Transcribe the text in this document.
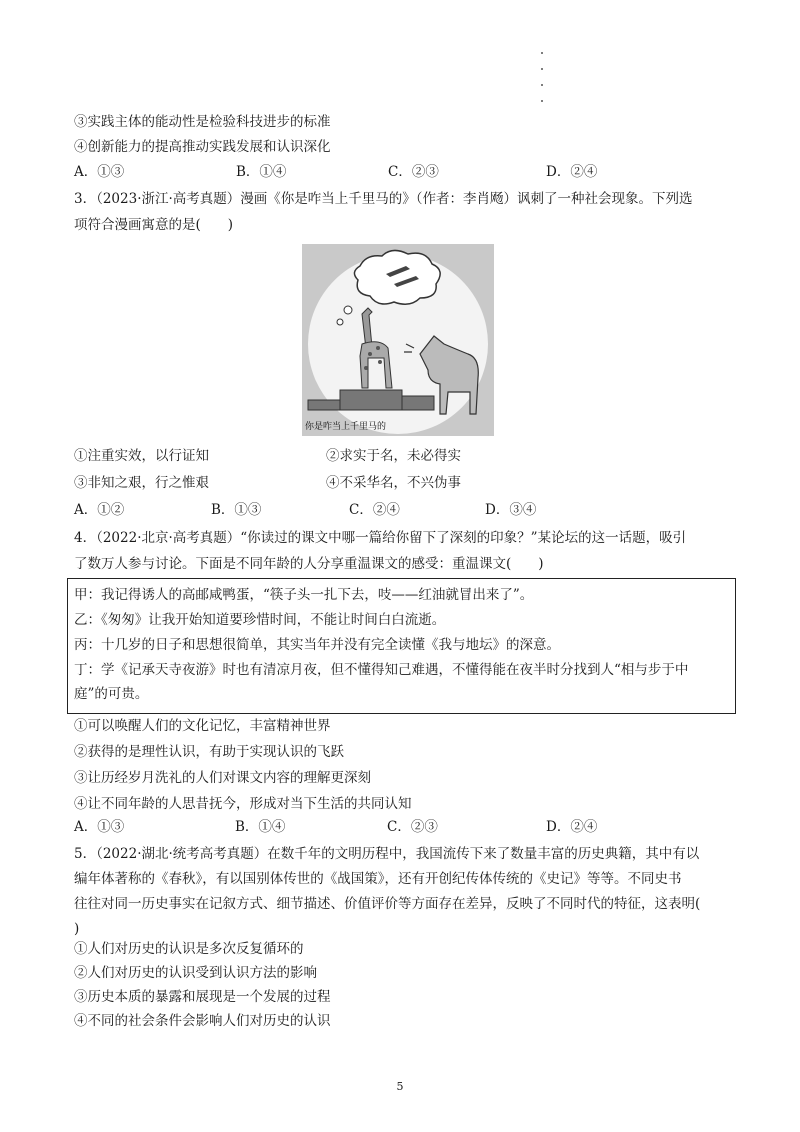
③实践主体的能动性是检验科技进步的标准
④创新能力的提高推动实践发展和认识深化
A．①③	B．①④	C．②③	D．②④
3．（2023·浙江·高考真题）漫画《你是咋当上千里马的》（作者：李肖飏）讽刺了一种社会现象。下列选
项符合漫画寓意的是(　　)
你是咋当上千里马的
①注重实效，以行证知	②求实于名，未必得实
③非知之艰，行之惟艰	④不采华名，不兴伪事
A．①②	B．①③	C．②④	D．③④
4．（2022·北京·高考真题）“你读过的课文中哪一篇给你留下了深刻的印象？”某论坛的这一话题，吸引
了数万人参与讨论。下面是不同年龄的人分享重温课文的感受：重温课文(　　)
甲：我记得诱人的高邮咸鸭蛋，“筷子头一扎下去，吱——红油就冒出来了”。
乙：《匆匆》让我开始知道要珍惜时间，不能让时间白白流逝。
丙：十几岁的日子和思想很简单，其实当年并没有完全读懂《我与地坛》的深意。
丁：学《记承天寺夜游》时也有清凉月夜，但不懂得知己难遇，不懂得能在夜半时分找到人“相与步于中
庭”的可贵。
①可以唤醒人们的文化记忆，丰富精神世界
②获得的是理性认识，有助于实现认识的飞跃
③让历经岁月洗礼的人们对课文内容的理解更深刻
④让不同年龄的人思昔抚今，形成对当下生活的共同认知
A．①③	B．①④	C．②③	D．②④
5．（2022·湖北·统考高考真题）在数千年的文明历程中，我国流传下来了数量丰富的历史典籍，其中有以
编年体著称的《春秋》，有以国别体传世的《战国策》，还有开创纪传体传统的《史记》等等。不同史书
往往对同一历史事实在记叙方式、细节描述、价值评价等方面存在差异，反映了不同时代的特征，这表明(
)
①人们对历史的认识是多次反复循环的
②人们对历史的认识受到认识方法的影响
③历史本质的暴露和展现是一个发展的过程
④不同的社会条件会影响人们对历史的认识
5
